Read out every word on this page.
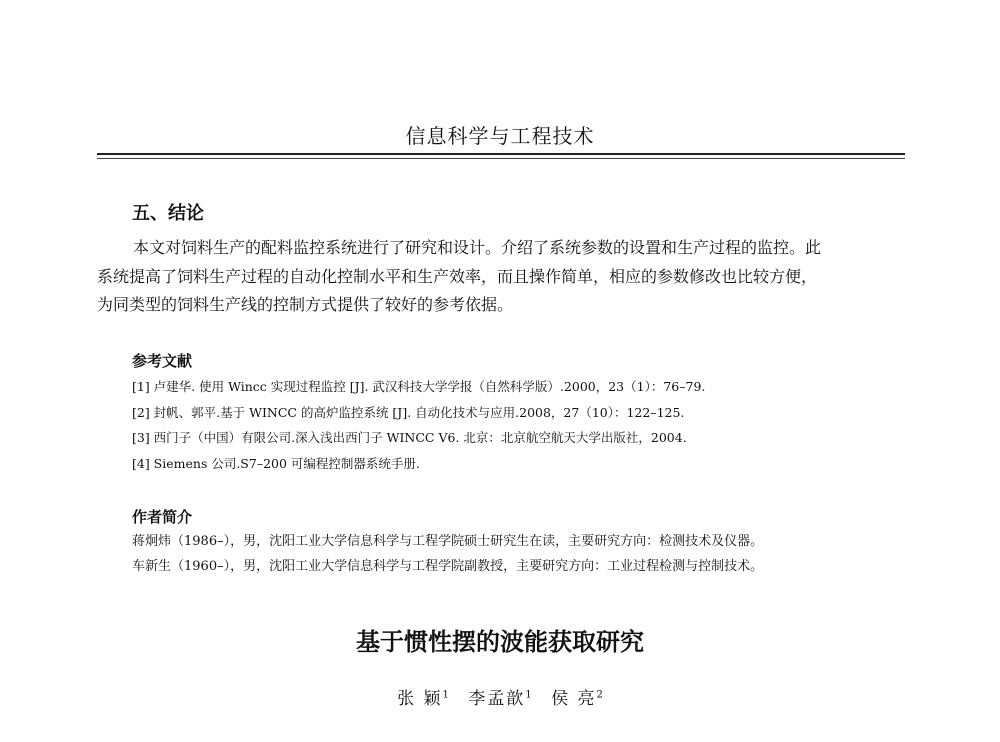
信息科学与工程技术
五、结论
本文对饲料生产的配料监控系统进行了研究和设计。介绍了系统参数的设置和生产过程的监控。此
系统提高了饲料生产过程的自动化控制水平和生产效率，而且操作简单，相应的参数修改也比较方便，
为同类型的饲料生产线的控制方式提供了较好的参考依据。
参考文献
[1] 卢建华. 使用 Wincc 实现过程监控 [J]. 武汉科技大学学报（自然科学版）.2000，23（1）：76–79.
[2] 封帆、郭平.基于 WINCC 的高炉监控系统 [J]. 自动化技术与应用.2008，27（10）：122–125.
[3] 西门子（中国）有限公司.深入浅出西门子 WINCC V6. 北京：北京航空航天大学出版社，2004.
[4] Siemens 公司.S7–200 可编程控制器系统手册.
作者简介
蒋炯炜（1986–），男，沈阳工业大学信息科学与工程学院硕士研究生在读，主要研究方向：检测技术及仪器。
车新生（1960–），男，沈阳工业大学信息科学与工程学院副教授，主要研究方向：工业过程检测与控制技术。
基于惯性摆的波能获取研究
张 颖$^1$ 李孟歆$^1$ 侯 亮$^2$
